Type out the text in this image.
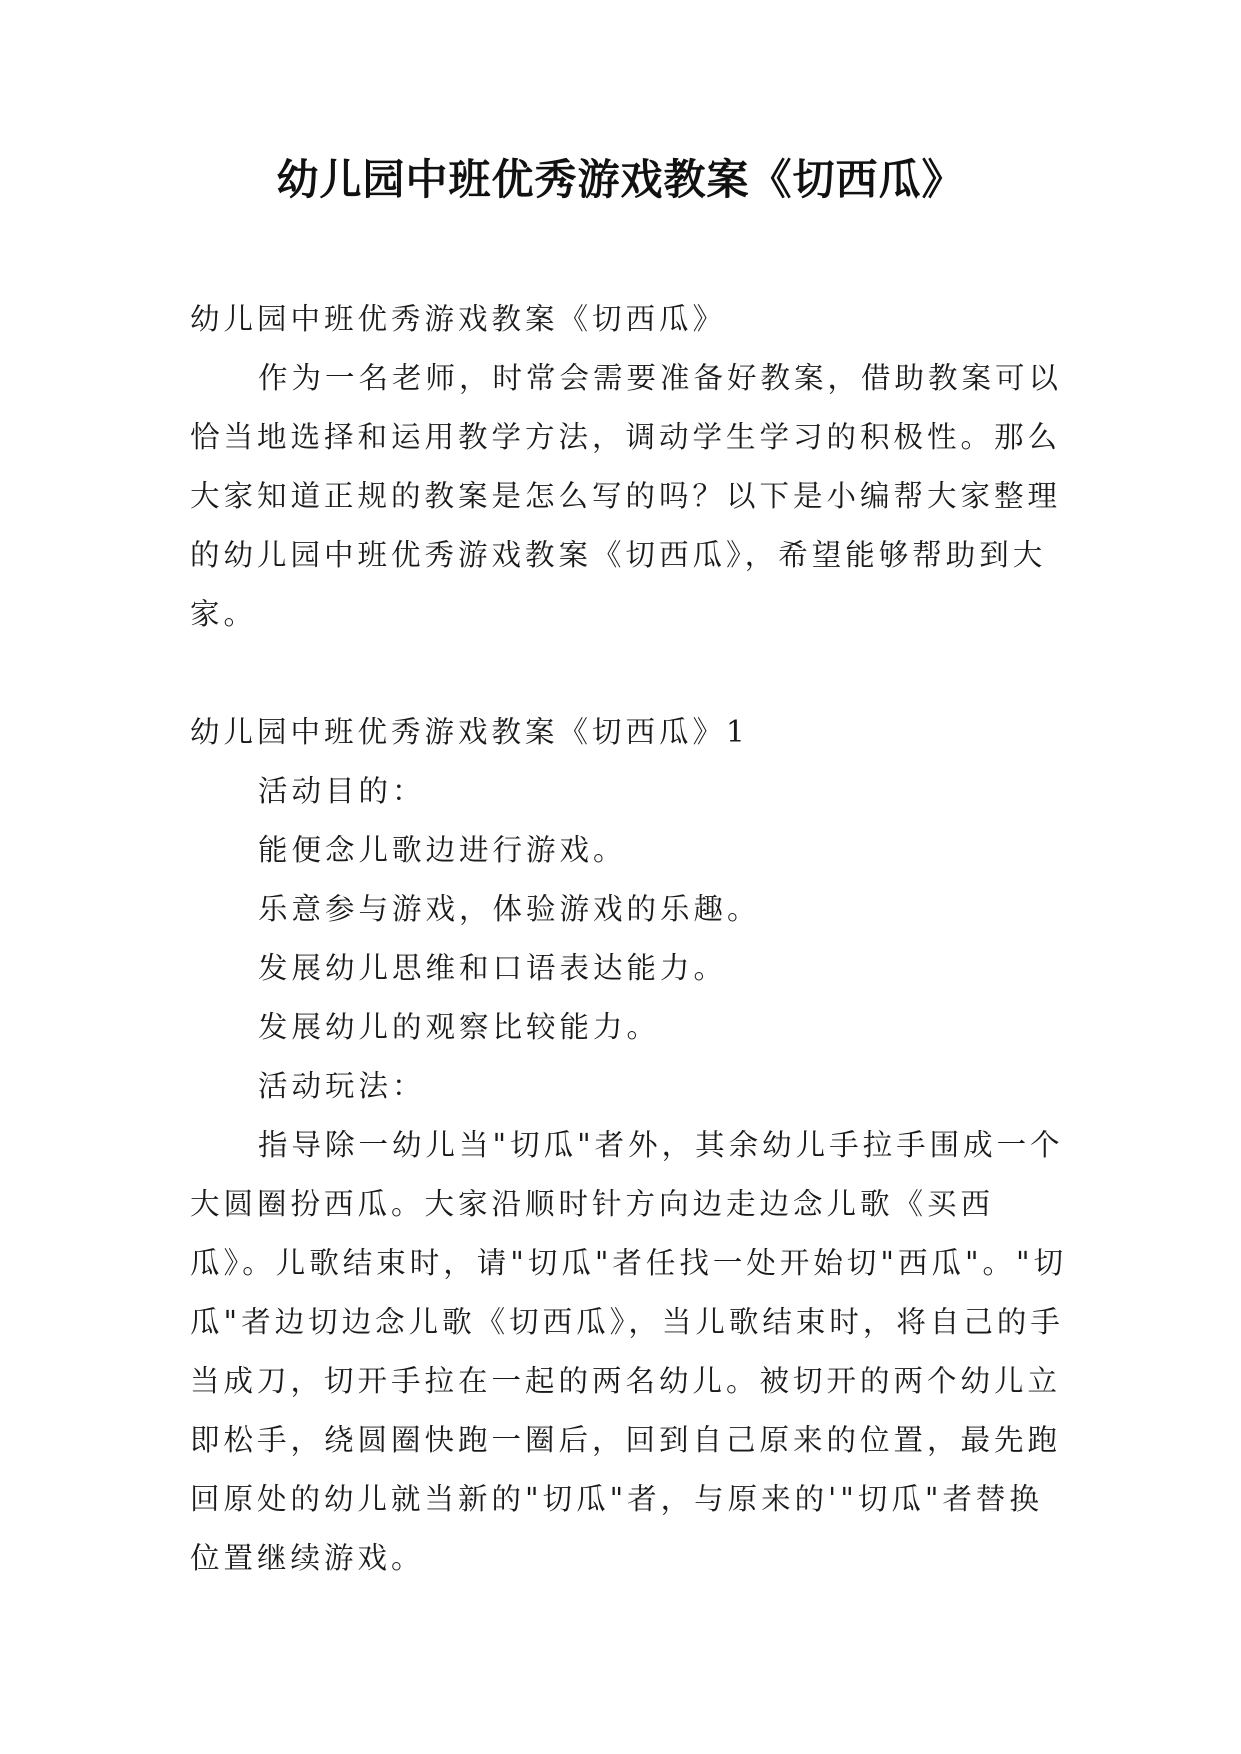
幼儿园中班优秀游戏教案《切西瓜》

幼儿园中班优秀游戏教案《切西瓜》

作为一名老师，时常会需要准备好教案，借助教案可以恰当地选择和运用教学方法，调动学生学习的积极性。那么大家知道正规的教案是怎么写的吗？以下是小编帮大家整理的幼儿园中班优秀游戏教案《切西瓜》，希望能够帮助到大家。

幼儿园中班优秀游戏教案《切西瓜》1

活动目的：

能便念儿歌边进行游戏。

乐意参与游戏，体验游戏的乐趣。

发展幼儿思维和口语表达能力。

发展幼儿的观察比较能力。

活动玩法：

指导除一幼儿当"切瓜"者外，其余幼儿手拉手围成一个大圆圈扮西瓜。大家沿顺时针方向边走边念儿歌《买西瓜》。儿歌结束时，请"切瓜"者任找一处开始切"西瓜"。"切瓜"者边切边念儿歌《切西瓜》，当儿歌结束时，将自己的手当成刀，切开手拉在一起的两名幼儿。被切开的两个幼儿立即松手，绕圆圈快跑一圈后，回到自己原来的位置，最先跑回原处的幼儿就当新的"切瓜"者，与原来的'"切瓜"者替换位置继续游戏。
